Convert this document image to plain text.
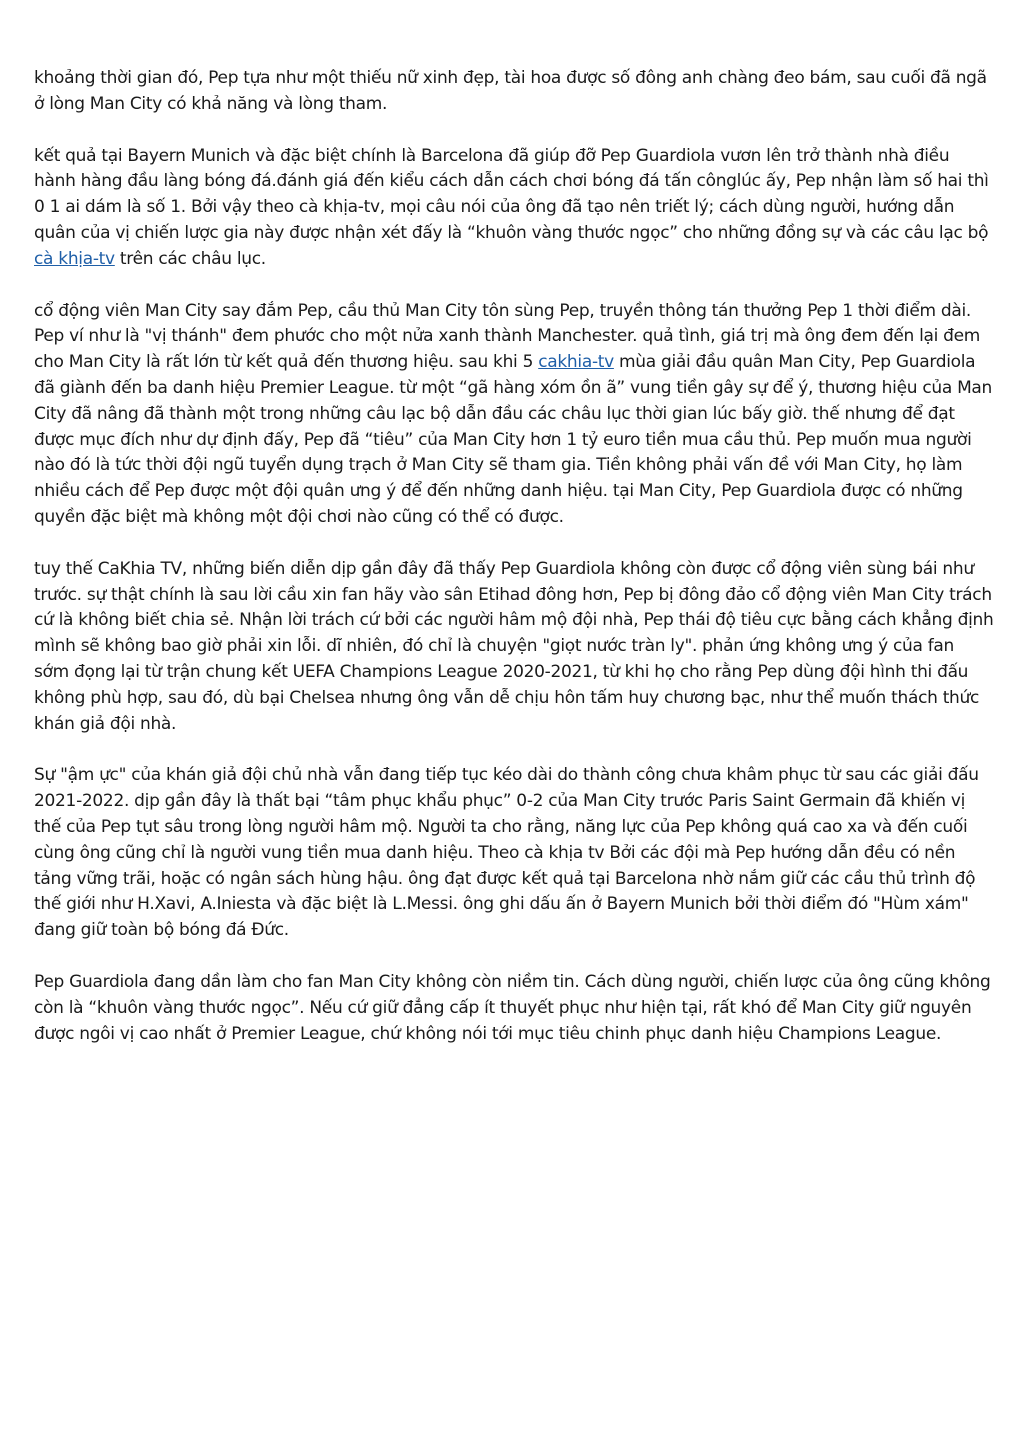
khoảng thời gian đó, Pep tựa như một thiếu nữ xinh đẹp, tài hoa được số đông anh chàng đeo bám, sau cuối đã ngã ở lòng Man City có khả năng và lòng tham.

kết quả tại Bayern Munich và đặc biệt chính là Barcelona đã giúp đỡ Pep Guardiola vươn lên trở thành nhà điều hành hàng đầu làng bóng đá.đánh giá đến kiểu cách dẫn cách chơi bóng đá tấn cônglúc ấy, Pep nhận làm số hai thì 0 1 ai dám là số 1. Bởi vậy theo cà khịa-tv, mọi câu nói của ông đã tạo nên triết lý; cách dùng người, hướng dẫn quân của vị chiến lược gia này được nhận xét đấy là “khuôn vàng thước ngọc” cho những đồng sự và các câu lạc bộ cà khịa-tv trên các châu lục.

cổ động viên Man City say đắm Pep, cầu thủ Man City tôn sùng Pep, truyền thông tán thưởng Pep 1 thời điểm dài. Pep ví như là "vị thánh" đem phước cho một nửa xanh thành Manchester. quả tình, giá trị mà ông đem đến lại đem cho Man City là rất lớn từ kết quả đến thương hiệu. sau khi 5 cakhia-tv mùa giải đầu quân Man City, Pep Guardiola đã giành đến ba danh hiệu Premier League. từ một “gã hàng xóm ồn ã” vung tiền gây sự để ý, thương hiệu của Man City đã nâng đã thành một trong những câu lạc bộ dẫn đầu các châu lục thời gian lúc bấy giờ. thế nhưng để đạt được mục đích như dự định đấy, Pep đã “tiêu” của Man City hơn 1 tỷ euro tiền mua cầu thủ. Pep muốn mua người nào đó là tức thời đội ngũ tuyển dụng trạch ở Man City sẽ tham gia. Tiền không phải vấn đề với Man City, họ làm nhiều cách để Pep được một đội quân ưng ý để đến những danh hiệu. tại Man City, Pep Guardiola được có những quyền đặc biệt mà không một đội chơi nào cũng có thể có được.

tuy thế CaKhia TV, những biến diễn dịp gần đây đã thấy Pep Guardiola không còn được cổ động viên sùng bái như trước. sự thật chính là sau lời cầu xin fan hãy vào sân Etihad đông hơn, Pep bị đông đảo cổ động viên Man City trách cứ là không biết chia sẻ. Nhận lời trách cứ bởi các người hâm mộ đội nhà, Pep thái độ tiêu cực bằng cách khẳng định mình sẽ không bao giờ phải xin lỗi. dĩ nhiên, đó chỉ là chuyện "giọt nước tràn ly". phản ứng không ưng ý của fan sớm đọng lại từ trận chung kết UEFA Champions League 2020-2021, từ khi họ cho rằng Pep dùng đội hình thi đấu không phù hợp, sau đó, dù bại Chelsea nhưng ông vẫn dễ chịu hôn tấm huy chương bạc, như thể muốn thách thức khán giả đội nhà.

Sự "ậm ực" của khán giả đội chủ nhà vẫn đang tiếp tục kéo dài do thành công chưa khâm phục từ sau các giải đấu 2021-2022. dịp gần đây là thất bại “tâm phục khẩu phục” 0-2 của Man City trước Paris Saint Germain đã khiến vị thế của Pep tụt sâu trong lòng người hâm mộ. Người ta cho rằng, năng lực của Pep không quá cao xa và đến cuối cùng ông cũng chỉ là người vung tiền mua danh hiệu. Theo cà khịa tv Bởi các đội mà Pep hướng dẫn đều có nền tảng vững trãi, hoặc có ngân sách hùng hậu. ông đạt được kết quả tại Barcelona nhờ nắm giữ các cầu thủ trình độ thế giới như H.Xavi, A.Iniesta và đặc biệt là L.Messi. ông ghi dấu ấn ở Bayern Munich bởi thời điểm đó "Hùm xám" đang giữ toàn bộ bóng đá Đức.

Pep Guardiola đang dần làm cho fan Man City không còn niềm tin. Cách dùng người, chiến lược của ông cũng không còn là “khuôn vàng thước ngọc”. Nếu cứ giữ đẳng cấp ít thuyết phục như hiện tại, rất khó để Man City giữ nguyên được ngôi vị cao nhất ở Premier League, chứ không nói tới mục tiêu chinh phục danh hiệu Champions League.
